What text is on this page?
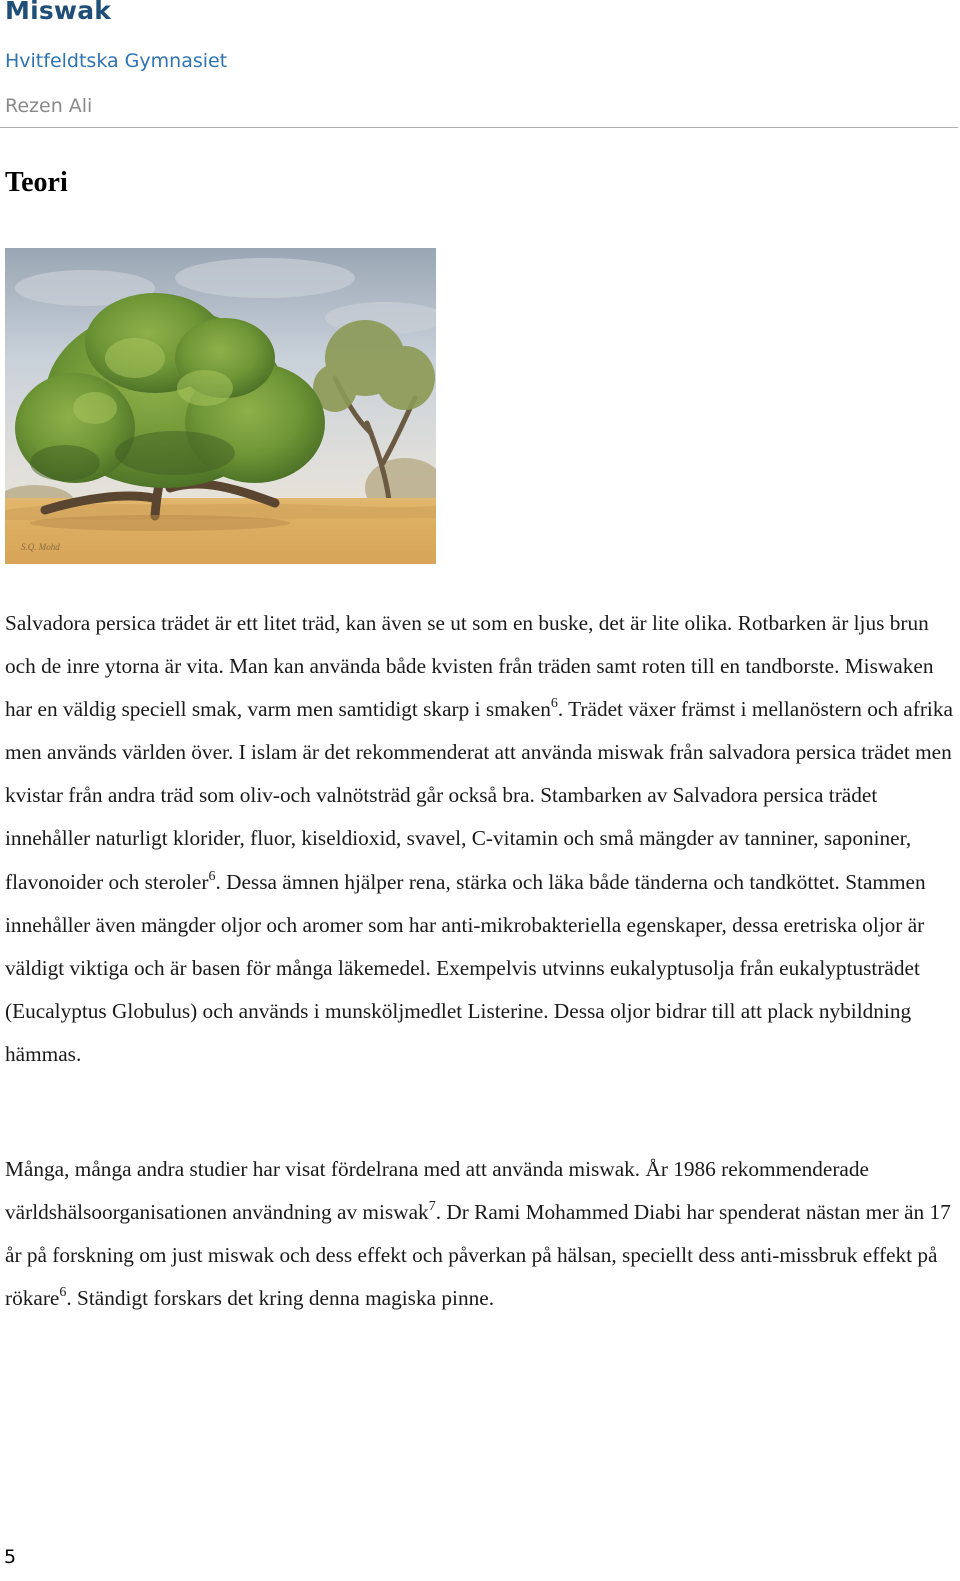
Miswak
Hvitfeldtska Gymnasiet
Rezen Ali
Teori
S.Q. Mohd

Salvadora persica trädet är ett litet träd, kan även se ut som en buske, det är lite olika. Rotbarken är ljus brun och de inre ytorna är vita. Man kan använda både kvisten från träden samt roten till en tandborste. Miswaken har en väldig speciell smak, varm men samtidigt skarp i smaken$^6$. Trädet växer främst i mellanöstern och afrika men används världen över. I islam är det rekommenderat att använda miswak från salvadora persica trädet men kvistar från andra träd som oliv-och valnötsträd går också bra. Stambarken av Salvadora persica trädet innehåller naturligt klorider, fluor, kiseldioxid, svavel, C-vitamin och små mängder av tanniner, saponiner, flavonoider och steroler$^6$. Dessa ämnen hjälper rena, stärka och läka både tänderna och tandköttet. Stammen innehåller även mängder oljor och aromer som har anti-mikrobakteriella egenskaper, dessa eretriska oljor är väldigt viktiga och är basen för många läkemedel. Exempelvis utvinns eukalyptusolja från eukalyptusträdet (Eucalyptus Globulus) och används i munsköljmedlet Listerine. Dessa oljor bidrar till att plack nybildning hämmas.

Många, många andra studier har visat fördelrana med att använda miswak. År 1986 rekommenderade världshälsoorganisationen användning av miswak$^7$. Dr Rami Mohammed Diabi har spenderat nästan mer än 17 år på forskning om just miswak och dess effekt och påverkan på hälsan, speciellt dess anti-missbruk effekt på rökare$^6$. Ständigt forskars det kring denna magiska pinne.

5
